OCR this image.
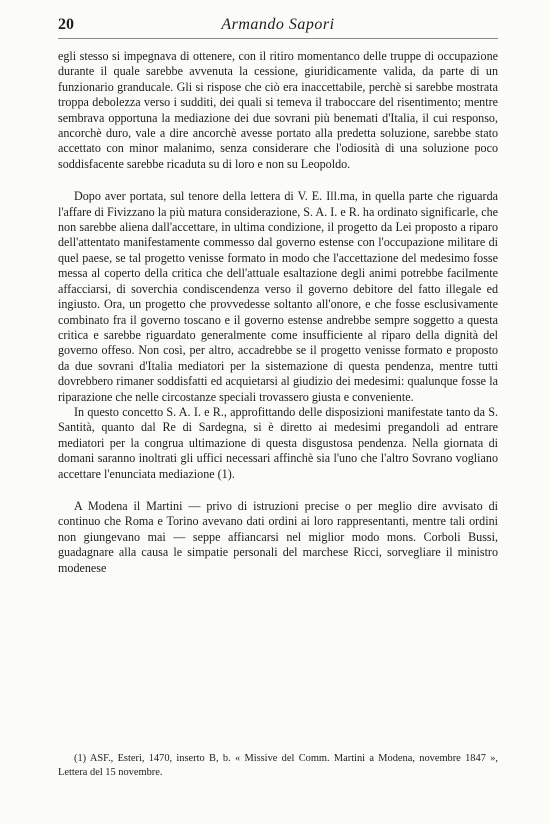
20	Armando Sapori

egli stesso si impegnava di ottenere, con il ritiro momentanco delle truppe di occupazione durante il quale sarebbe avvenuta la cessione, giuridicamente valida, da parte di un funzionario granducale. Gli si rispose che ciò era inaccettabile, perchè si sarebbe mostrata troppa debolezza verso i sudditi, dei quali si temeva il traboccare del risentimento; mentre sembrava opportuna la mediazione dei due sovrani più benemati d'Italia, il cui responso, ancorchè duro, vale a dire ancorchè avesse portato alla predetta soluzione, sarebbe stato accettato con minor malanimo, senza considerare che l'odiosità di una soluzione poco soddisfacente sarebbe ricaduta su di loro e non su Leopoldo.

Dopo aver portata, sul tenore della lettera di V. E. Ill.ma, in quella parte che riguarda l'affare di Fivizzano la più matura considerazione, S. A. I. e R. ha ordinato significarle, che non sarebbe aliena dall'accettare, in ultima condizione, il progetto da Lei proposto a riparo dell'attentato manifestamente commesso dal governo estense con l'occupazione militare di quel paese, se tal progetto venisse formato in modo che l'accettazione del medesimo fosse messa al coperto della critica che dell'attuale esaltazione degli animi potrebbe facilmente affacciarsi, di soverchia condiscendenza verso il governo debitore del fatto illegale ed ingiusto. Ora, un progetto che provvedesse soltanto all'onore, e che fosse esclusivamente combinato fra il governo toscano e il governo estense andrebbe sempre soggetto a questa critica e sarebbe riguardato generalmente come insufficiente al riparo della dignità del governo offeso. Non così, per altro, accadrebbe se il progetto venisse formato e proposto da due sovrani d'Italia mediatori per la sistemazione di questa pendenza, mentre tutti dovrebbero rimaner soddisfatti ed acquietarsi al giudizio dei medesimi: qualunque fosse la riparazione che nelle circostanze speciali trovassero giusta e conveniente.

In questo concetto S. A. I. e R., approfittando delle disposizioni manifestate tanto da S. Santità, quanto dal Re di Sardegna, si è diretto ai medesimi pregandoli ad entrare mediatori per la congrua ultimazione di questa disgustosa pendenza. Nella giornata di domani saranno inoltrati gli uffici necessari affinchè sia l'uno che l'altro Sovrano vogliano accettare l'enunciata mediazione (1).

A Modena il Martini — privo di istruzioni precise o per meglio dire avvisato di continuo che Roma e Torino avevano dati ordini ai loro rappresentanti, mentre tali ordini non giungevano mai — seppe affiancarsi nel miglior modo mons. Corboli Bussi, guadagnare alla causa le simpatie personali del marchese Ricci, sorvegliare il ministro modenese

(1) ASF., Esteri, 1470, inserto B, b. « Missive del Comm. Martini a Modena, novembre 1847 », Lettera del 15 novembre.
